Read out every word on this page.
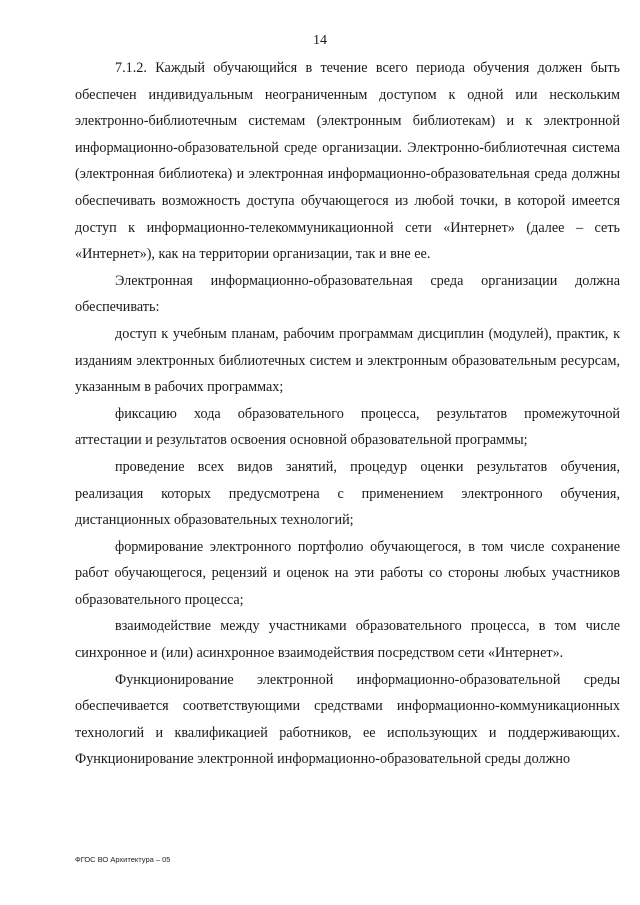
14

7.1.2. Каждый обучающийся в течение всего периода обучения должен быть обеспечен индивидуальным неограниченным доступом к одной или нескольким электронно-библиотечным системам (электронным библиотекам) и к электронной информационно-образовательной среде организации. Электронно-библиотечная система (электронная библиотека) и электронная информационно-образовательная среда должны обеспечивать возможность доступа обучающегося из любой точки, в которой имеется доступ к информационно-телекоммуникационной сети «Интернет» (далее – сеть «Интернет»), как на территории организации, так и вне ее.

Электронная информационно-образовательная среда организации должна обеспечивать:

доступ к учебным планам, рабочим программам дисциплин (модулей), практик, к изданиям электронных библиотечных систем и электронным образовательным ресурсам, указанным в рабочих программах;

фиксацию хода образовательного процесса, результатов промежуточной аттестации и результатов освоения основной образовательной программы;

проведение всех видов занятий, процедур оценки результатов обучения, реализация которых предусмотрена с применением электронного обучения, дистанционных образовательных технологий;

формирование электронного портфолио обучающегося, в том числе сохранение работ обучающегося, рецензий и оценок на эти работы со стороны любых участников образовательного процесса;

взаимодействие между участниками образовательного процесса, в том числе синхронное и (или) асинхронное взаимодействия посредством сети «Интернет».

Функционирование электронной информационно-образовательной среды обеспечивается соответствующими средствами информационно-коммуникационных технологий и квалификацией работников, ее использующих и поддерживающих. Функционирование электронной информационно-образовательной среды должно

ФГОС ВО Архитектура – 05
